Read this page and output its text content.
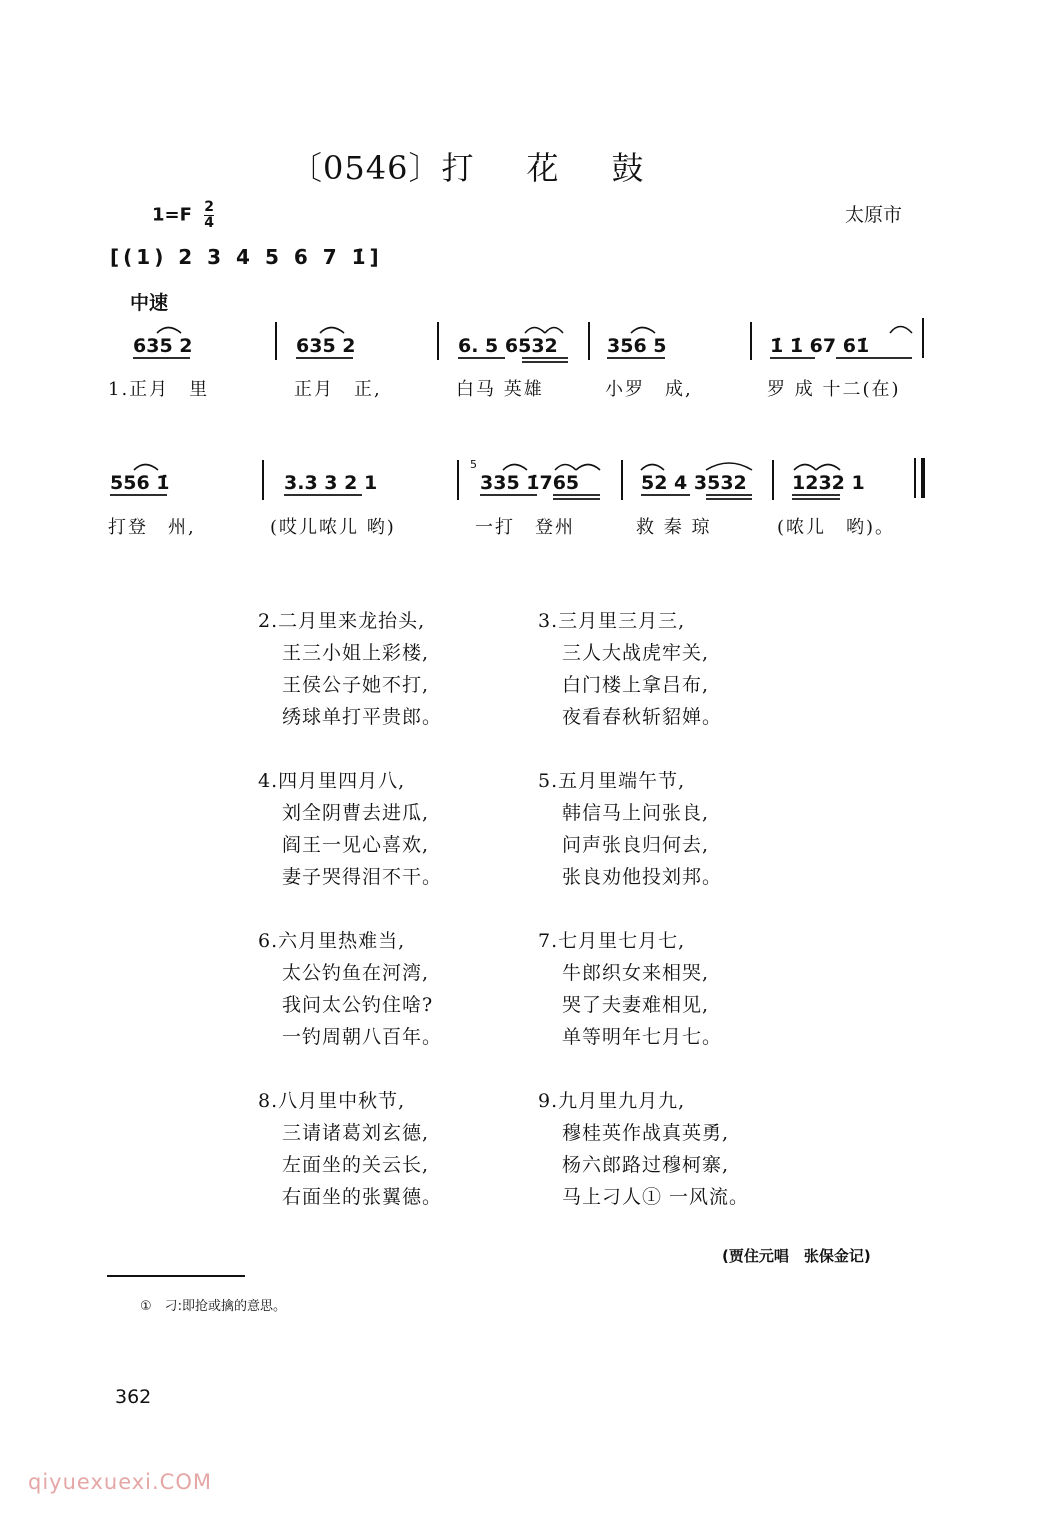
〔0546〕打 花 鼓
太原市
$1=F \frac{2}{4}$
[(1) 2 3 4 5 6 7 1̇]
中速
635 2	635 2	6. 5 6532	356 5	1̇ 1̇ 67 61̇
1.正月　里	正月　正,	白马 英雄	小罗　成,	罗 成 十二(在)
556 1̇	3.3 3 2 1
5
335 1̇765	52 4 3532 1232 1
打登　州,	(哎儿哝儿 哟)	一打　登州	救 秦 琼	(哝儿　哟)。
2.二月里来龙抬头,
王三小姐上彩楼,
王侯公子她不打,
绣球单打平贵郎。
3.三月里三月三,
三人大战虎牢关,
白门楼上拿吕布,
夜看春秋斩貂婵。
4.四月里四月八,
刘全阴曹去进瓜,
阎王一见心喜欢,
妻子哭得泪不干。
5.五月里端午节,
韩信马上问张良,
问声张良归何去,
张良劝他投刘邦。
6.六月里热难当,
太公钓鱼在河湾,
我问太公钓住啥?
一钓周朝八百年。
7.七月里七月七,
牛郎织女来相哭,
哭了夫妻难相见,
单等明年七月七。
8.八月里中秋节,
三请诸葛刘玄德,
左面坐的关云长,
右面坐的张翼德。
9.九月里九月九,
穆桂英作战真英勇,
杨六郎路过穆柯寨,
马上刁人① 一风流。
(贾住元唱　张保金记)
①　刁:即抢或擒的意思。
362
qiyuexuexi.COM
